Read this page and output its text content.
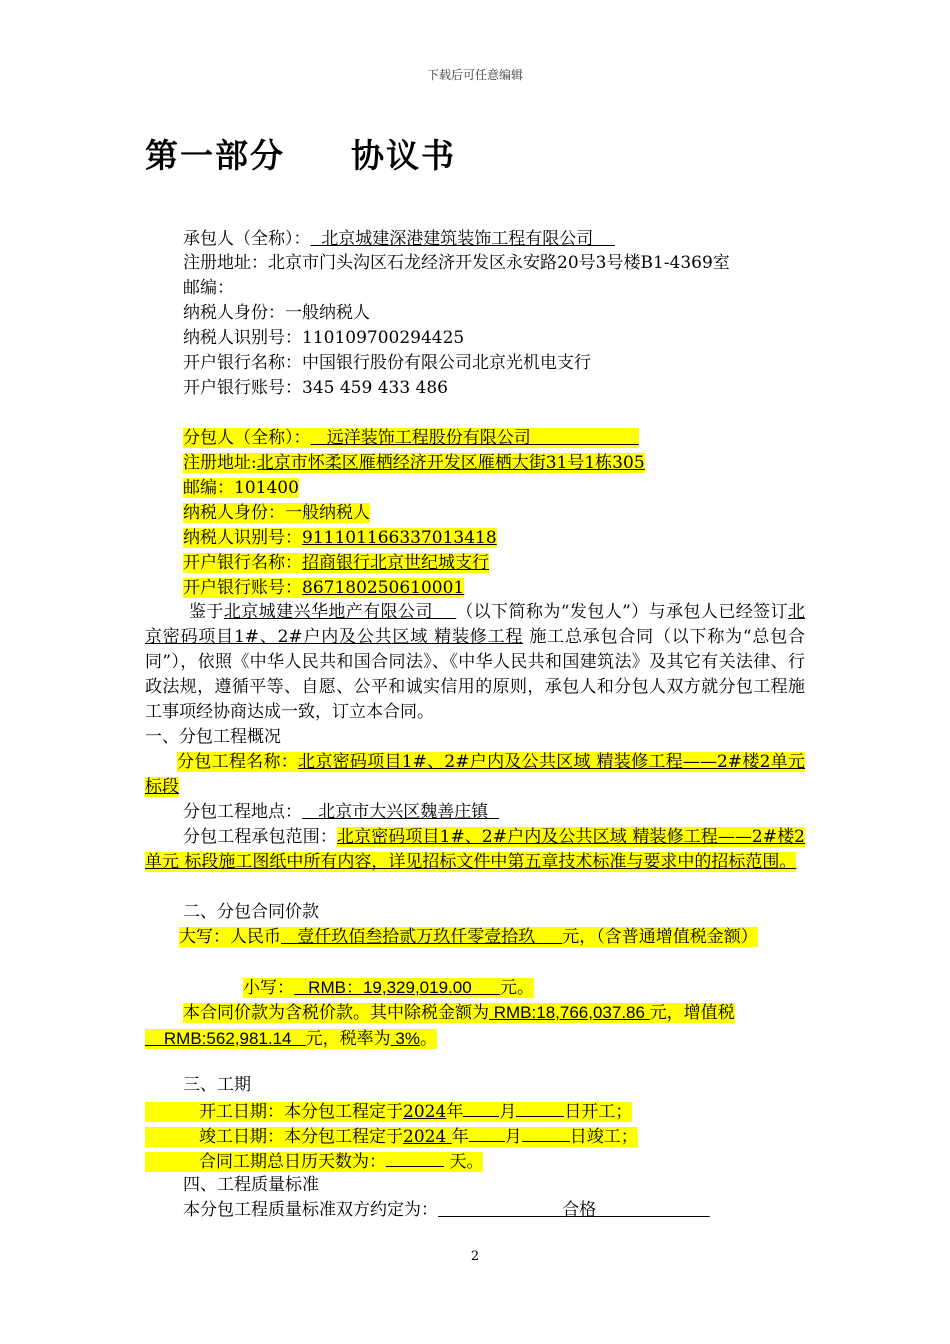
下载后可任意编辑
第一部分 协议书
承包人（全称）： 北京城建深港建筑装饰工程有限公司
注册地址：北京市门头沟区石龙经济开发区永安路20号3号楼B1-4369室
邮编：
纳税人身份：一般纳税人
纳税人识别号：110109700294425
开户银行名称：中国银行股份有限公司北京光机电支行
开户银行账号：345 459 433 486
分包人（全称）： 远洋装饰工程股份有限公司
注册地址:北京市怀柔区雁栖经济开发区雁栖大街31号1栋305
邮编：101400
纳税人身份：一般纳税人
纳税人识别号：911101166337013418
开户银行名称：招商银行北京世纪城支行
开户银行账号：867180250610001
鉴于北京城建兴华地产有限公司 （以下简称为“发包人”）与承包人已经签订北京密码项目1#、2#户内及公共区域 精装修工程 施工总承包合同（以下称为“总包合同”），依照《中华人民共和国合同法》、《中华人民共和国建筑法》及其它有关法律、行政法规，遵循平等、自愿、公平和诚实信用的原则，承包人和分包人双方就分包工程施工事项经协商达成一致，订立本合同。
一、分包工程概况
分包工程名称：北京密码项目1#、2#户内及公共区域 精装修工程——2#楼2单元 标段
分包工程地点： 北京市大兴区魏善庄镇
分包工程承包范围：北京密码项目1#、2#户内及公共区域 精装修工程——2#楼2单元 标段施工图纸中所有内容，详见招标文件中第五章技术标准与要求中的招标范围。
二、分包合同价款
大写：人民币 壹仟玖佰叁拾贰万玖仟零壹拾玖 元，（含普通增值税金额）
小写： RMB：19,329,019.00 元。
本合同价款为含税价款。其中除税金额为 RMB:18,766,037.86 元，增值税
RMB:562,981.14 元，税率为 3%。
三、工期
开工日期：本分包工程定于2024年 月	日开工；
竣工日期：本分包工程定于2024 年 月	日竣工；
合同工期总日历天数为：	天。
四、工程质量标准
本分包工程质量标准双方约定为：	合格
2
